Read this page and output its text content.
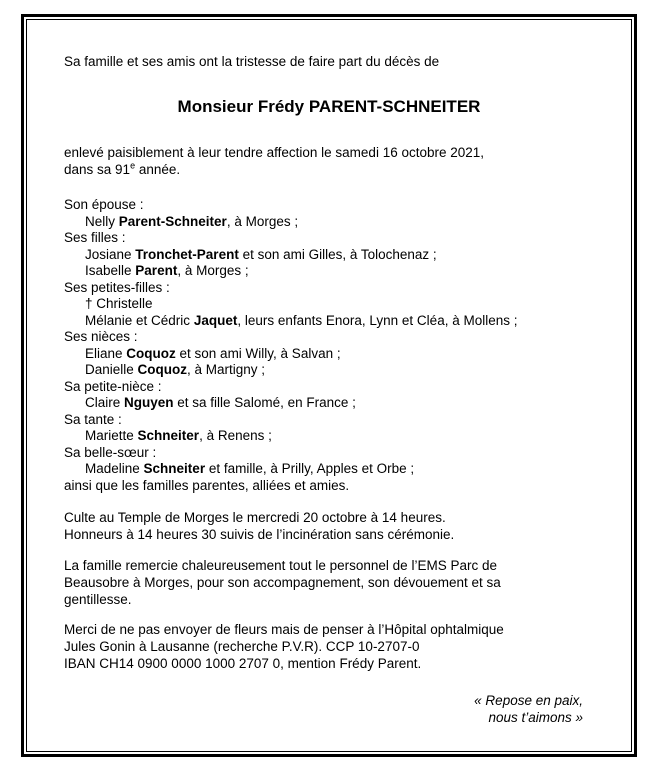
Sa famille et ses amis ont la tristesse de faire part du décès de

Monsieur Frédy PARENT-SCHNEITER

enlevé paisiblement à leur tendre affection le samedi 16 octobre 2021,
dans sa 91e année.

Son épouse :
Nelly Parent-Schneiter, à Morges ;
Ses filles :
Josiane Tronchet-Parent et son ami Gilles, à Tolochenaz ;
Isabelle Parent, à Morges ;
Ses petites-filles :
† Christelle
Mélanie et Cédric Jaquet, leurs enfants Enora, Lynn et Cléa, à Mollens ;
Ses nièces :
Eliane Coquoz et son ami Willy, à Salvan ;
Danielle Coquoz, à Martigny ;
Sa petite-nièce :
Claire Nguyen et sa fille Salomé, en France ;
Sa tante :
Mariette Schneiter, à Renens ;
Sa belle-sœur :
Madeline Schneiter et famille, à Prilly, Apples et Orbe ;
ainsi que les familles parentes, alliées et amies.

Culte au Temple de Morges le mercredi 20 octobre à 14 heures.
Honneurs à 14 heures 30 suivis de l’incinération sans cérémonie.

La famille remercie chaleureusement tout le personnel de l’EMS Parc de
Beausobre à Morges, pour son accompagnement, son dévouement et sa
gentillesse.

Merci de ne pas envoyer de fleurs mais de penser à l’Hôpital ophtalmique
Jules Gonin à Lausanne (recherche P.V.R). CCP 10-2707-0
IBAN CH14 0900 0000 1000 2707 0, mention Frédy Parent.

« Repose en paix,
nous t’aimons »
